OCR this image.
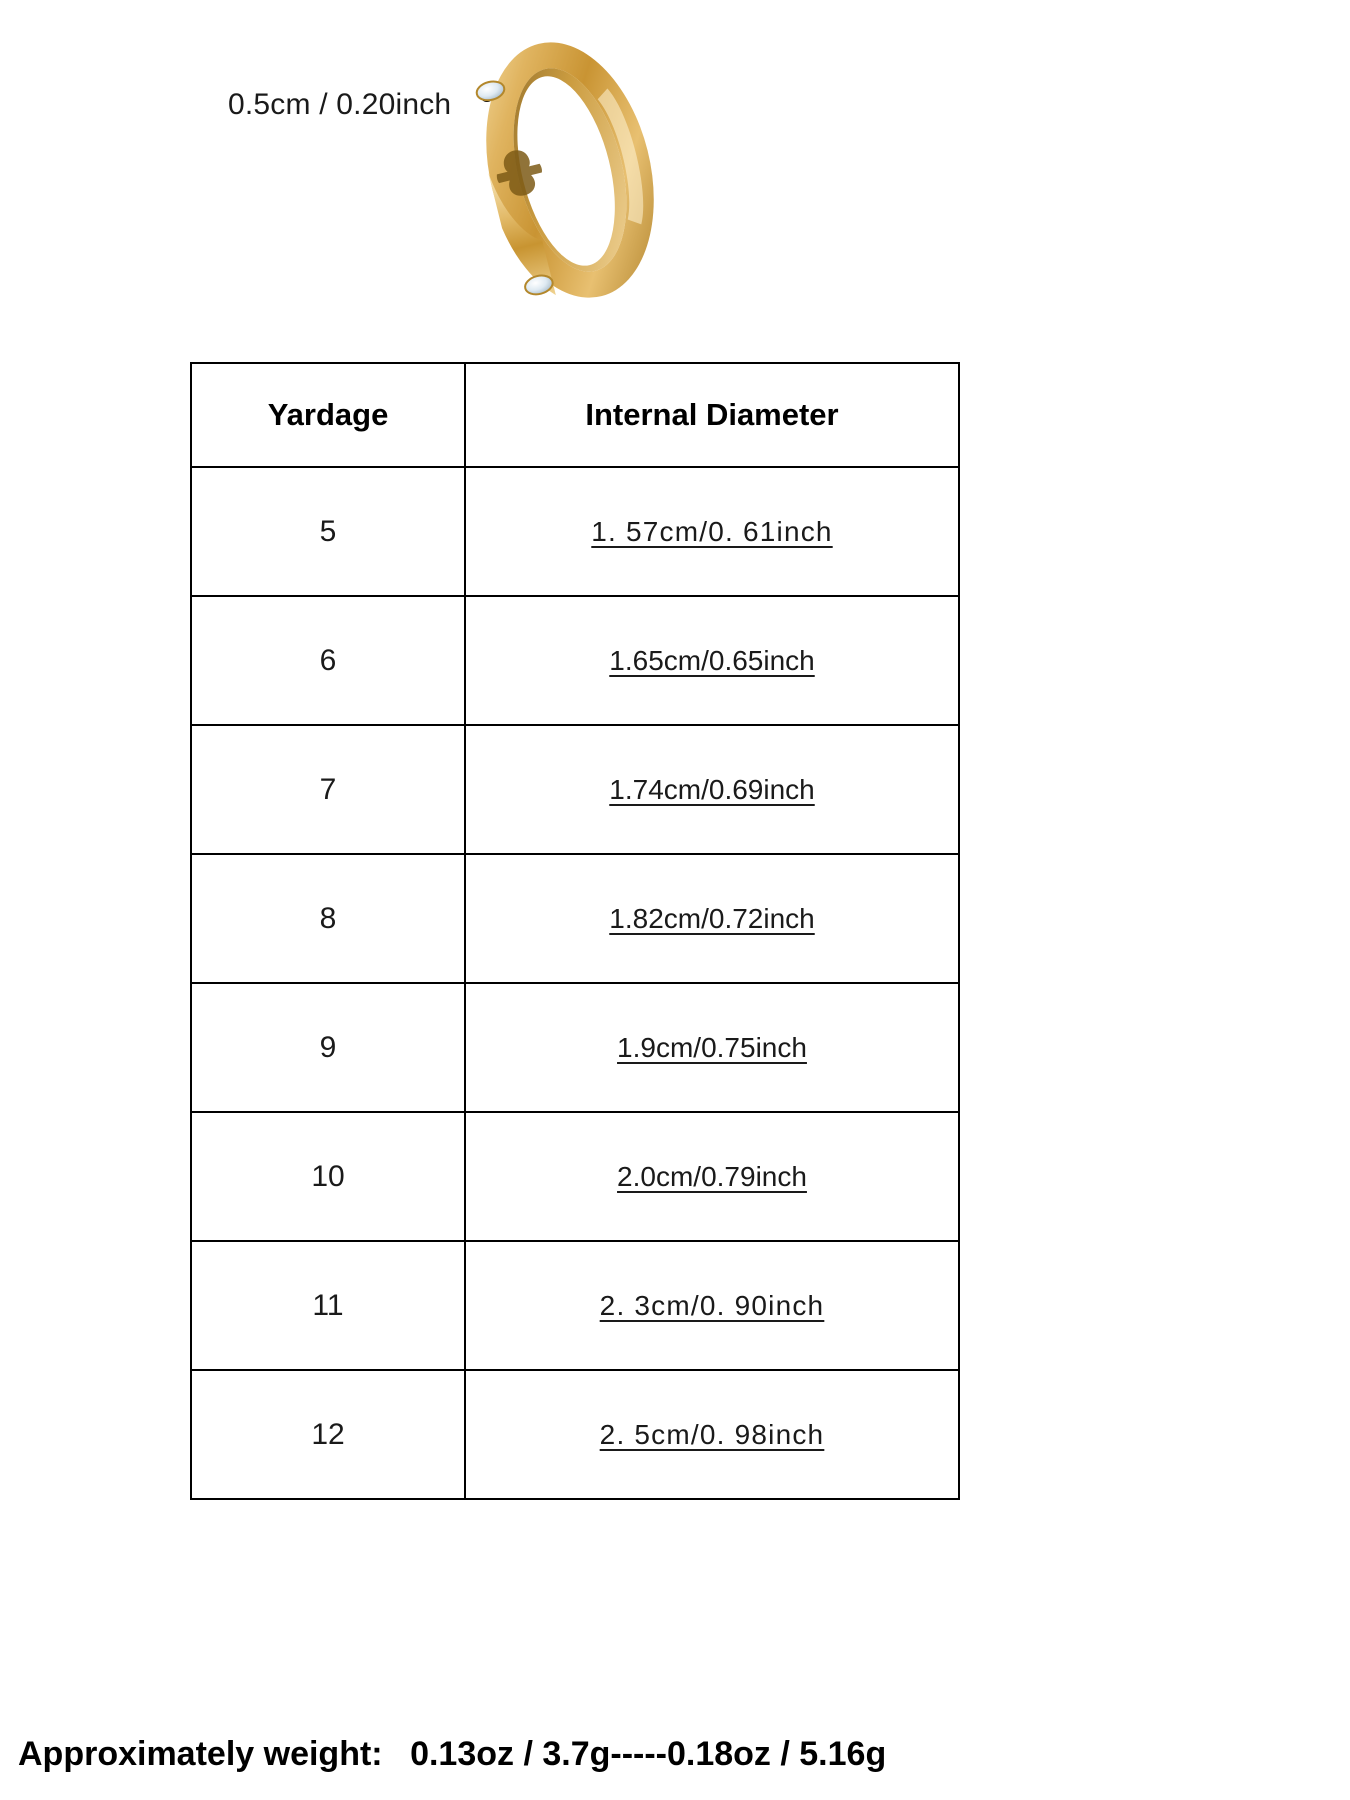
0.5cm / 0.20inch
Yardage	Internal Diameter
5	1. 57cm/0. 61inch
6	1.65cm/0.65inch
7	1.74cm/0.69inch
8	1.82cm/0.72inch
9	1.9cm/0.75inch
10	2.0cm/0.79inch
11	2. 3cm/0. 90inch
12	2. 5cm/0. 98inch
Approximately weight: 0.13oz / 3.7g-----0.18oz / 5.16g
